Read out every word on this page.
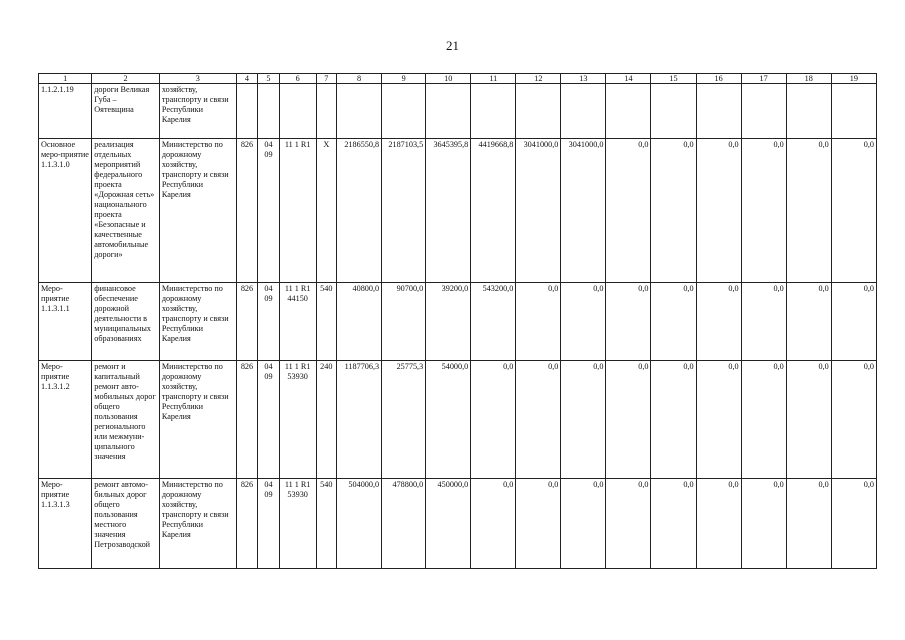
21
1	2	3	4	5	6	7	8	9	10	11	12	13	14	15	16	17	18	19
1.1.2.1.19	дороги Великая Губа – Оятевщина	хозяйству, транспорту и связи Республики Карелия																
Основное меро-приятие 1.1.3.1.0	реализация отдельных мероприятий федерального проекта «Дорожная сеть» национального проекта «Безопасные и качественные автомобильные дороги»	Министерство по дорожному хозяйству, транспорту и связи Республики Карелия	826	04 09	11 1 R1	Х	2186550,8	2187103,5	3645395,8	4419668,8	3041000,0	3041000,0	0,0	0,0	0,0	0,0	0,0	0,0
Меро-приятие 1.1.3.1.1	финансовое обеспечение дорожной деятельности в муниципальных образованиях	Министерство по дорожному хозяйству, транспорту и связи Республики Карелия	826	04 09	11 1 R1 44150	540	40800,0	90700,0	39200,0	543200,0	0,0	0,0	0,0	0,0	0,0	0,0	0,0	0,0
Меро-приятие 1.1.3.1.2	ремонт и капитальный ремонт авто-мобильных дорог общего пользования регионального или межмуни-ципального значения	Министерство по дорожному хозяйству, транспорту и связи Республики Карелия	826	04 09	11 1 R1 53930	240	1187706,3	25775,3	54000,0	0,0	0,0	0,0	0,0	0,0	0,0	0,0	0,0	0,0
Меро-приятие 1.1.3.1.3	ремонт автомо-бильных дорог общего пользования местного значения Петрозаводской	Министерство по дорожному хозяйству, транспорту и связи Республики Карелия	826	04 09	11 1 R1 53930	540	504000,0	478800,0	450000,0	0,0	0,0	0,0	0,0	0,0	0,0	0,0	0,0	0,0
